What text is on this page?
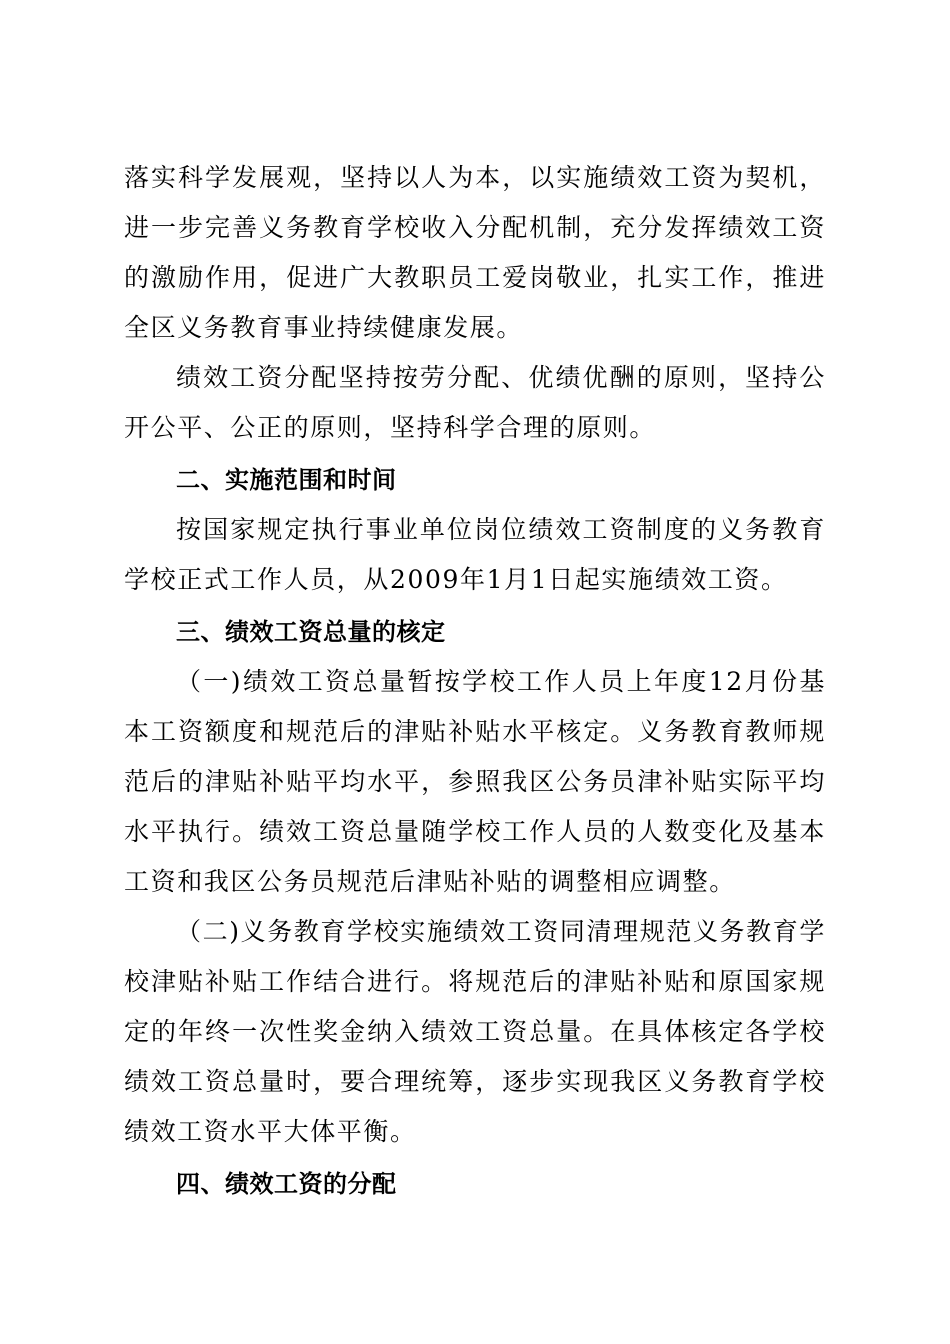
落实科学发展观，坚持以人为本，以实施绩效工资为契机，进一步完善义务教育学校收入分配机制，充分发挥绩效工资的激励作用，促进广大教职员工爱岗敬业，扎实工作，推进全区义务教育事业持续健康发展。

绩效工资分配坚持按劳分配、优绩优酬的原则，坚持公开公平、公正的原则，坚持科学合理的原则。

二、实施范围和时间

按国家规定执行事业单位岗位绩效工资制度的义务教育学校正式工作人员，从2009年1月1日起实施绩效工资。

三、绩效工资总量的核定

（一)绩效工资总量暂按学校工作人员上年度12月份基本工资额度和规范后的津贴补贴水平核定。义务教育教师规范后的津贴补贴平均水平，参照我区公务员津补贴实际平均水平执行。绩效工资总量随学校工作人员的人数变化及基本工资和我区公务员规范后津贴补贴的调整相应调整。

（二)义务教育学校实施绩效工资同清理规范义务教育学校津贴补贴工作结合进行。将规范后的津贴补贴和原国家规定的年终一次性奖金纳入绩效工资总量。在具体核定各学校绩效工资总量时，要合理统筹，逐步实现我区义务教育学校绩效工资水平大体平衡。

四、绩效工资的分配
